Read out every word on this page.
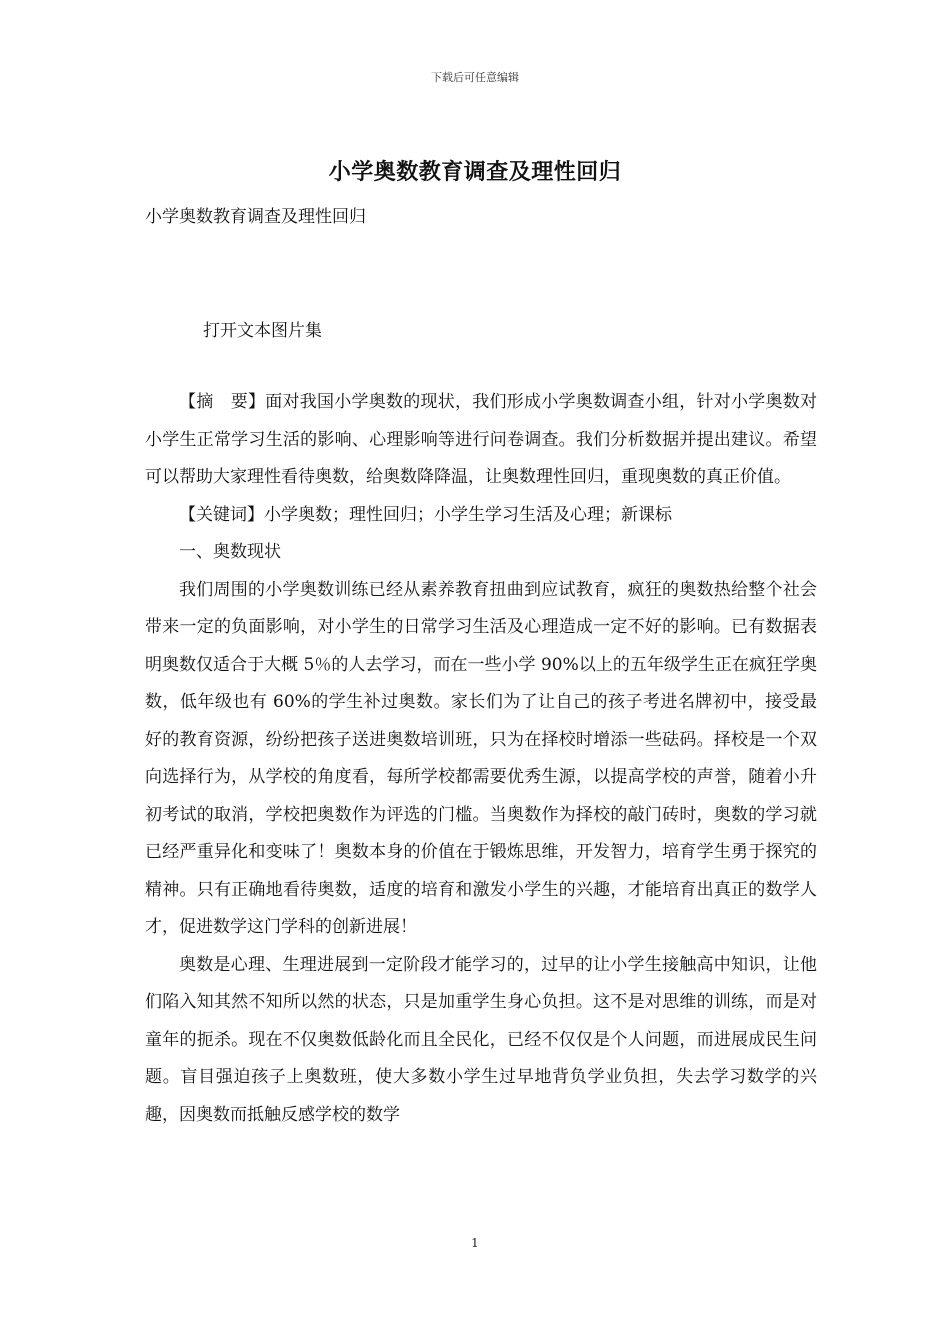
下载后可任意编辑
小学奥数教育调查及理性回归
小学奥数教育调查及理性回归
打开文本图片集

【摘　要】面对我国小学奥数的现状，我们形成小学奥数调查小组，针对小学奥数对小学生正常学习生活的影响、心理影响等进行问卷调查。我们分析数据并提出建议。希望可以帮助大家理性看待奥数，给奥数降降温，让奥数理性回归，重现奥数的真正价值。

【关键词】小学奥数；理性回归；小学生学习生活及心理；新课标

一、奥数现状

我们周围的小学奥数训练已经从素养教育扭曲到应试教育，疯狂的奥数热给整个社会带来一定的负面影响，对小学生的日常学习生活及心理造成一定不好的影响。已有数据表明奥数仅适合于大概 5％的人去学习，而在一些小学 90%以上的五年级学生正在疯狂学奥数，低年级也有 60%的学生补过奥数。家长们为了让自己的孩子考进名牌初中，接受最好的教育资源，纷纷把孩子送进奥数培训班，只为在择校时增添一些砝码。择校是一个双向选择行为，从学校的角度看，每所学校都需要优秀生源，以提高学校的声誉，随着小升初考试的取消，学校把奥数作为评选的门槛。当奥数作为择校的敲门砖时，奥数的学习就已经严重异化和变味了！奥数本身的价值在于锻炼思维，开发智力，培育学生勇于探究的精神。只有正确地看待奥数，适度的培育和激发小学生的兴趣，才能培育出真正的数学人才，促进数学这门学科的创新进展！

奥数是心理、生理进展到一定阶段才能学习的，过早的让小学生接触高中知识，让他们陷入知其然不知所以然的状态，只是加重学生身心负担。这不是对思维的训练，而是对童年的扼杀。现在不仅奥数低龄化而且全民化，已经不仅仅是个人问题，而进展成民生问题。盲目强迫孩子上奥数班，使大多数小学生过早地背负学业负担，失去学习数学的兴趣，因奥数而抵触反感学校的数学

1
